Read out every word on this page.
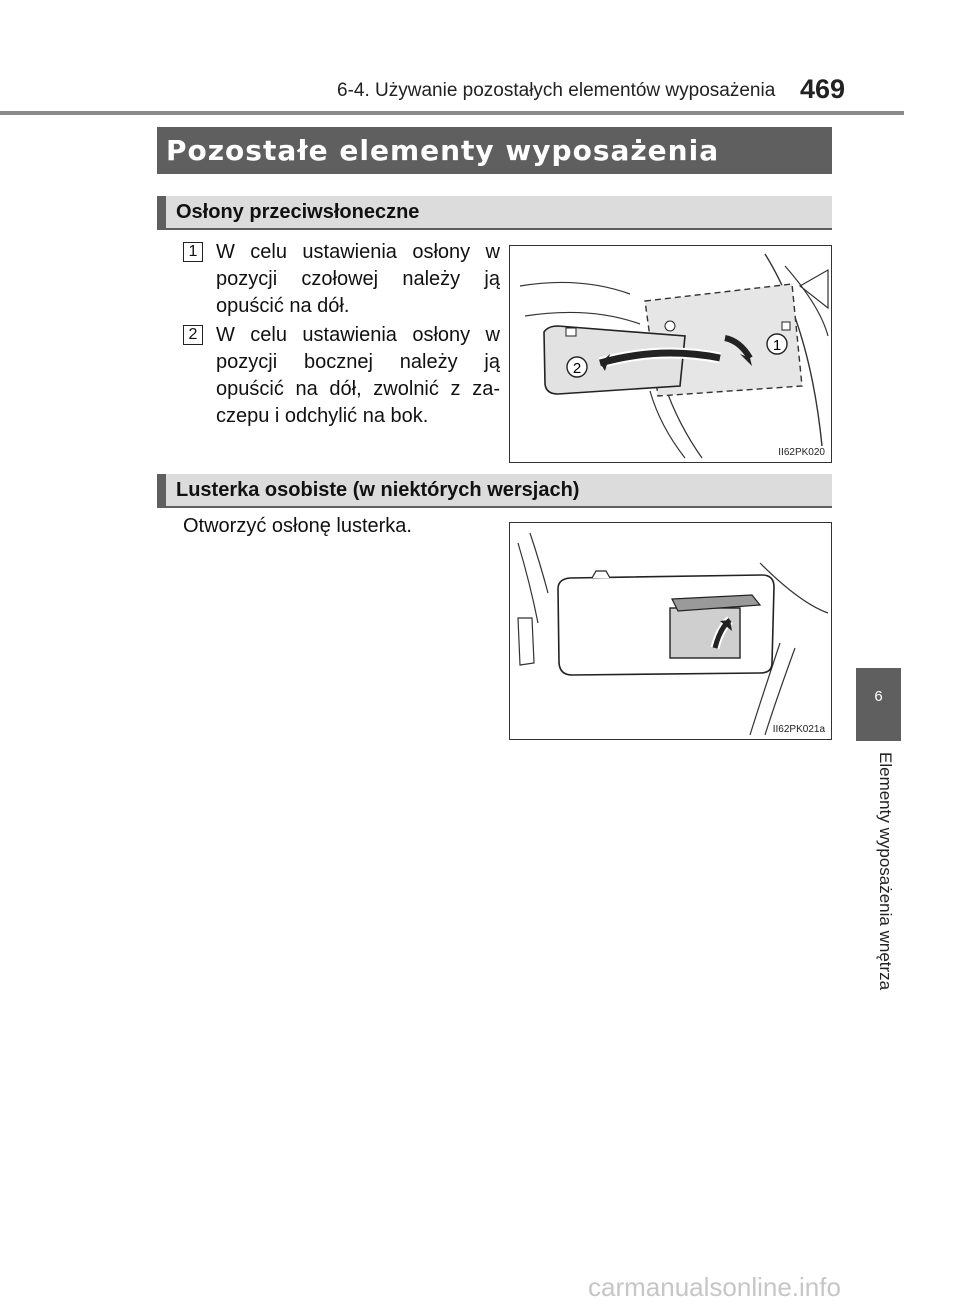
6-4. Używanie pozostałych elementów wyposażenia 469
Pozostałe elementy wyposażenia
Osłony przeciwsłoneczne
1 W celu ustawienia osłony w pozycji czołowej należy ją opuścić na dół.
2 W celu ustawienia osłony w pozycji bocznej należy ją opuścić na dół, zwolnić z za-czepu i odchylić na bok.
1
2
II62PK020
Lusterka osobiste (w niektórych wersjach)
Otworzyć osłonę lusterka.
II62PK021a
6
Elementy wyposażenia wnętrza
carmanualsonline.info
